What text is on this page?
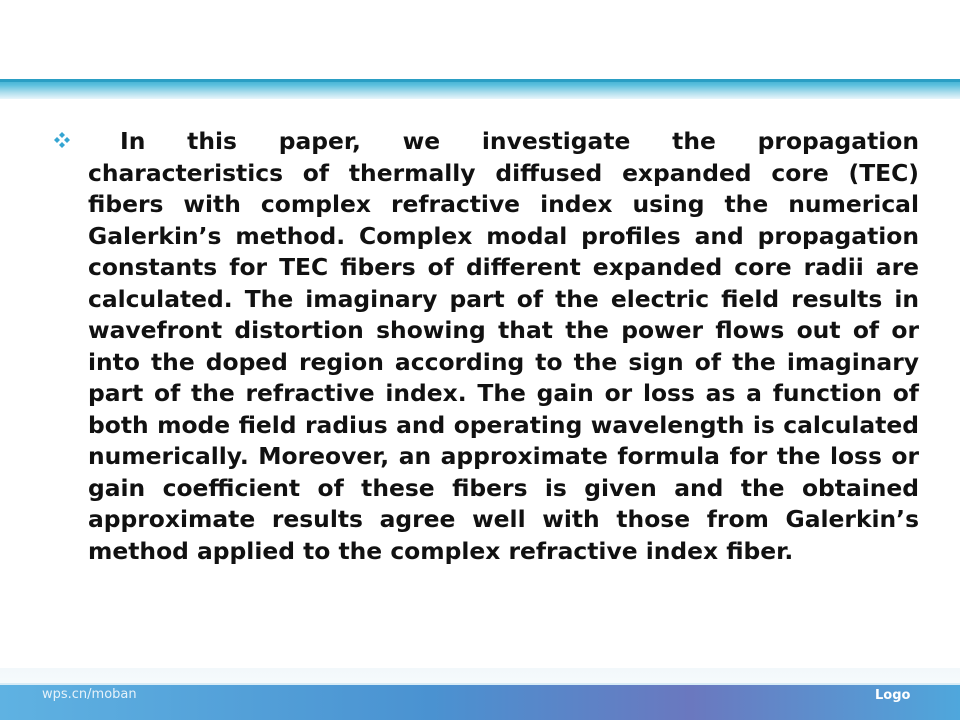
In this paper, we investigate the propagation characteristics of thermally diffused expanded core (TEC) fibers with complex refractive index using the numerical Galerkin’s method. Complex modal profiles and propagation constants for TEC fibers of different expanded core radii are calculated. The imaginary part of the electric field results in wavefront distortion showing that the power flows out of or into the doped region according to the sign of the imaginary part of the refractive index. The gain or loss as a function of both mode field radius and operating wavelength is calculated numerically. Moreover, an approximate formula for the loss or gain coefficient of these fibers is given and the obtained approximate results agree well with those from Galerkin’s method applied to the complex refractive index fiber.

wps.cn/moban	Logo
